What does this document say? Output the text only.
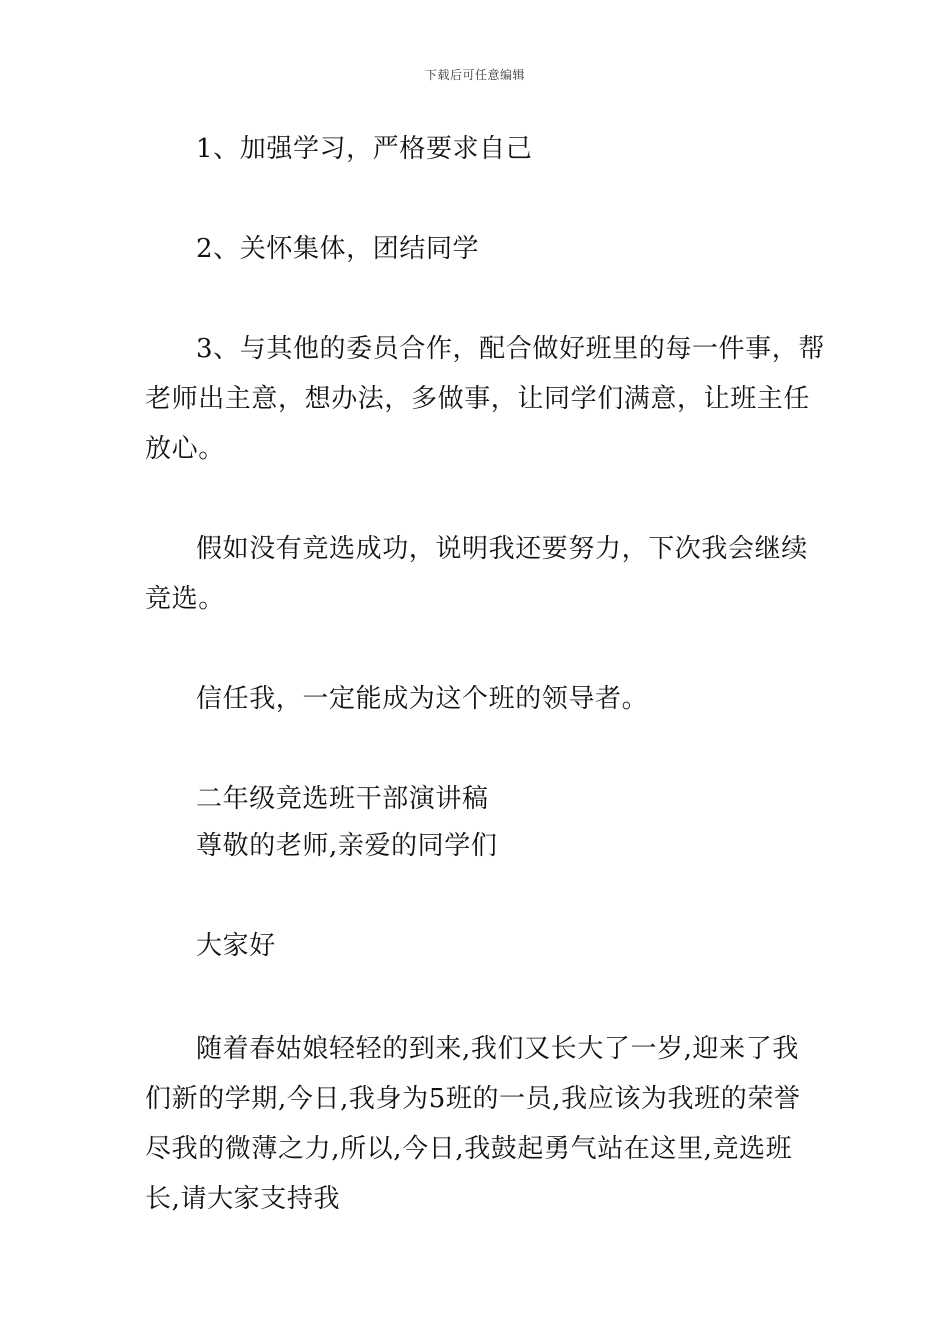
下载后可任意编辑
1、加强学习，严格要求自己
2、关怀集体，团结同学
3、与其他的委员合作，配合做好班里的每一件事，帮
老师出主意，想办法，多做事，让同学们满意，让班主任
放心。
假如没有竞选成功，说明我还要努力，下次我会继续
竞选。
信任我，一定能成为这个班的领导者。
二年级竞选班干部演讲稿
尊敬的老师,亲爱的同学们
大家好
随着春姑娘轻轻的到来,我们又长大了一岁,迎来了我
们新的学期,今日,我身为5班的一员,我应该为我班的荣誉
尽我的微薄之力,所以,今日,我鼓起勇气站在这里,竞选班
长,请大家支持我
